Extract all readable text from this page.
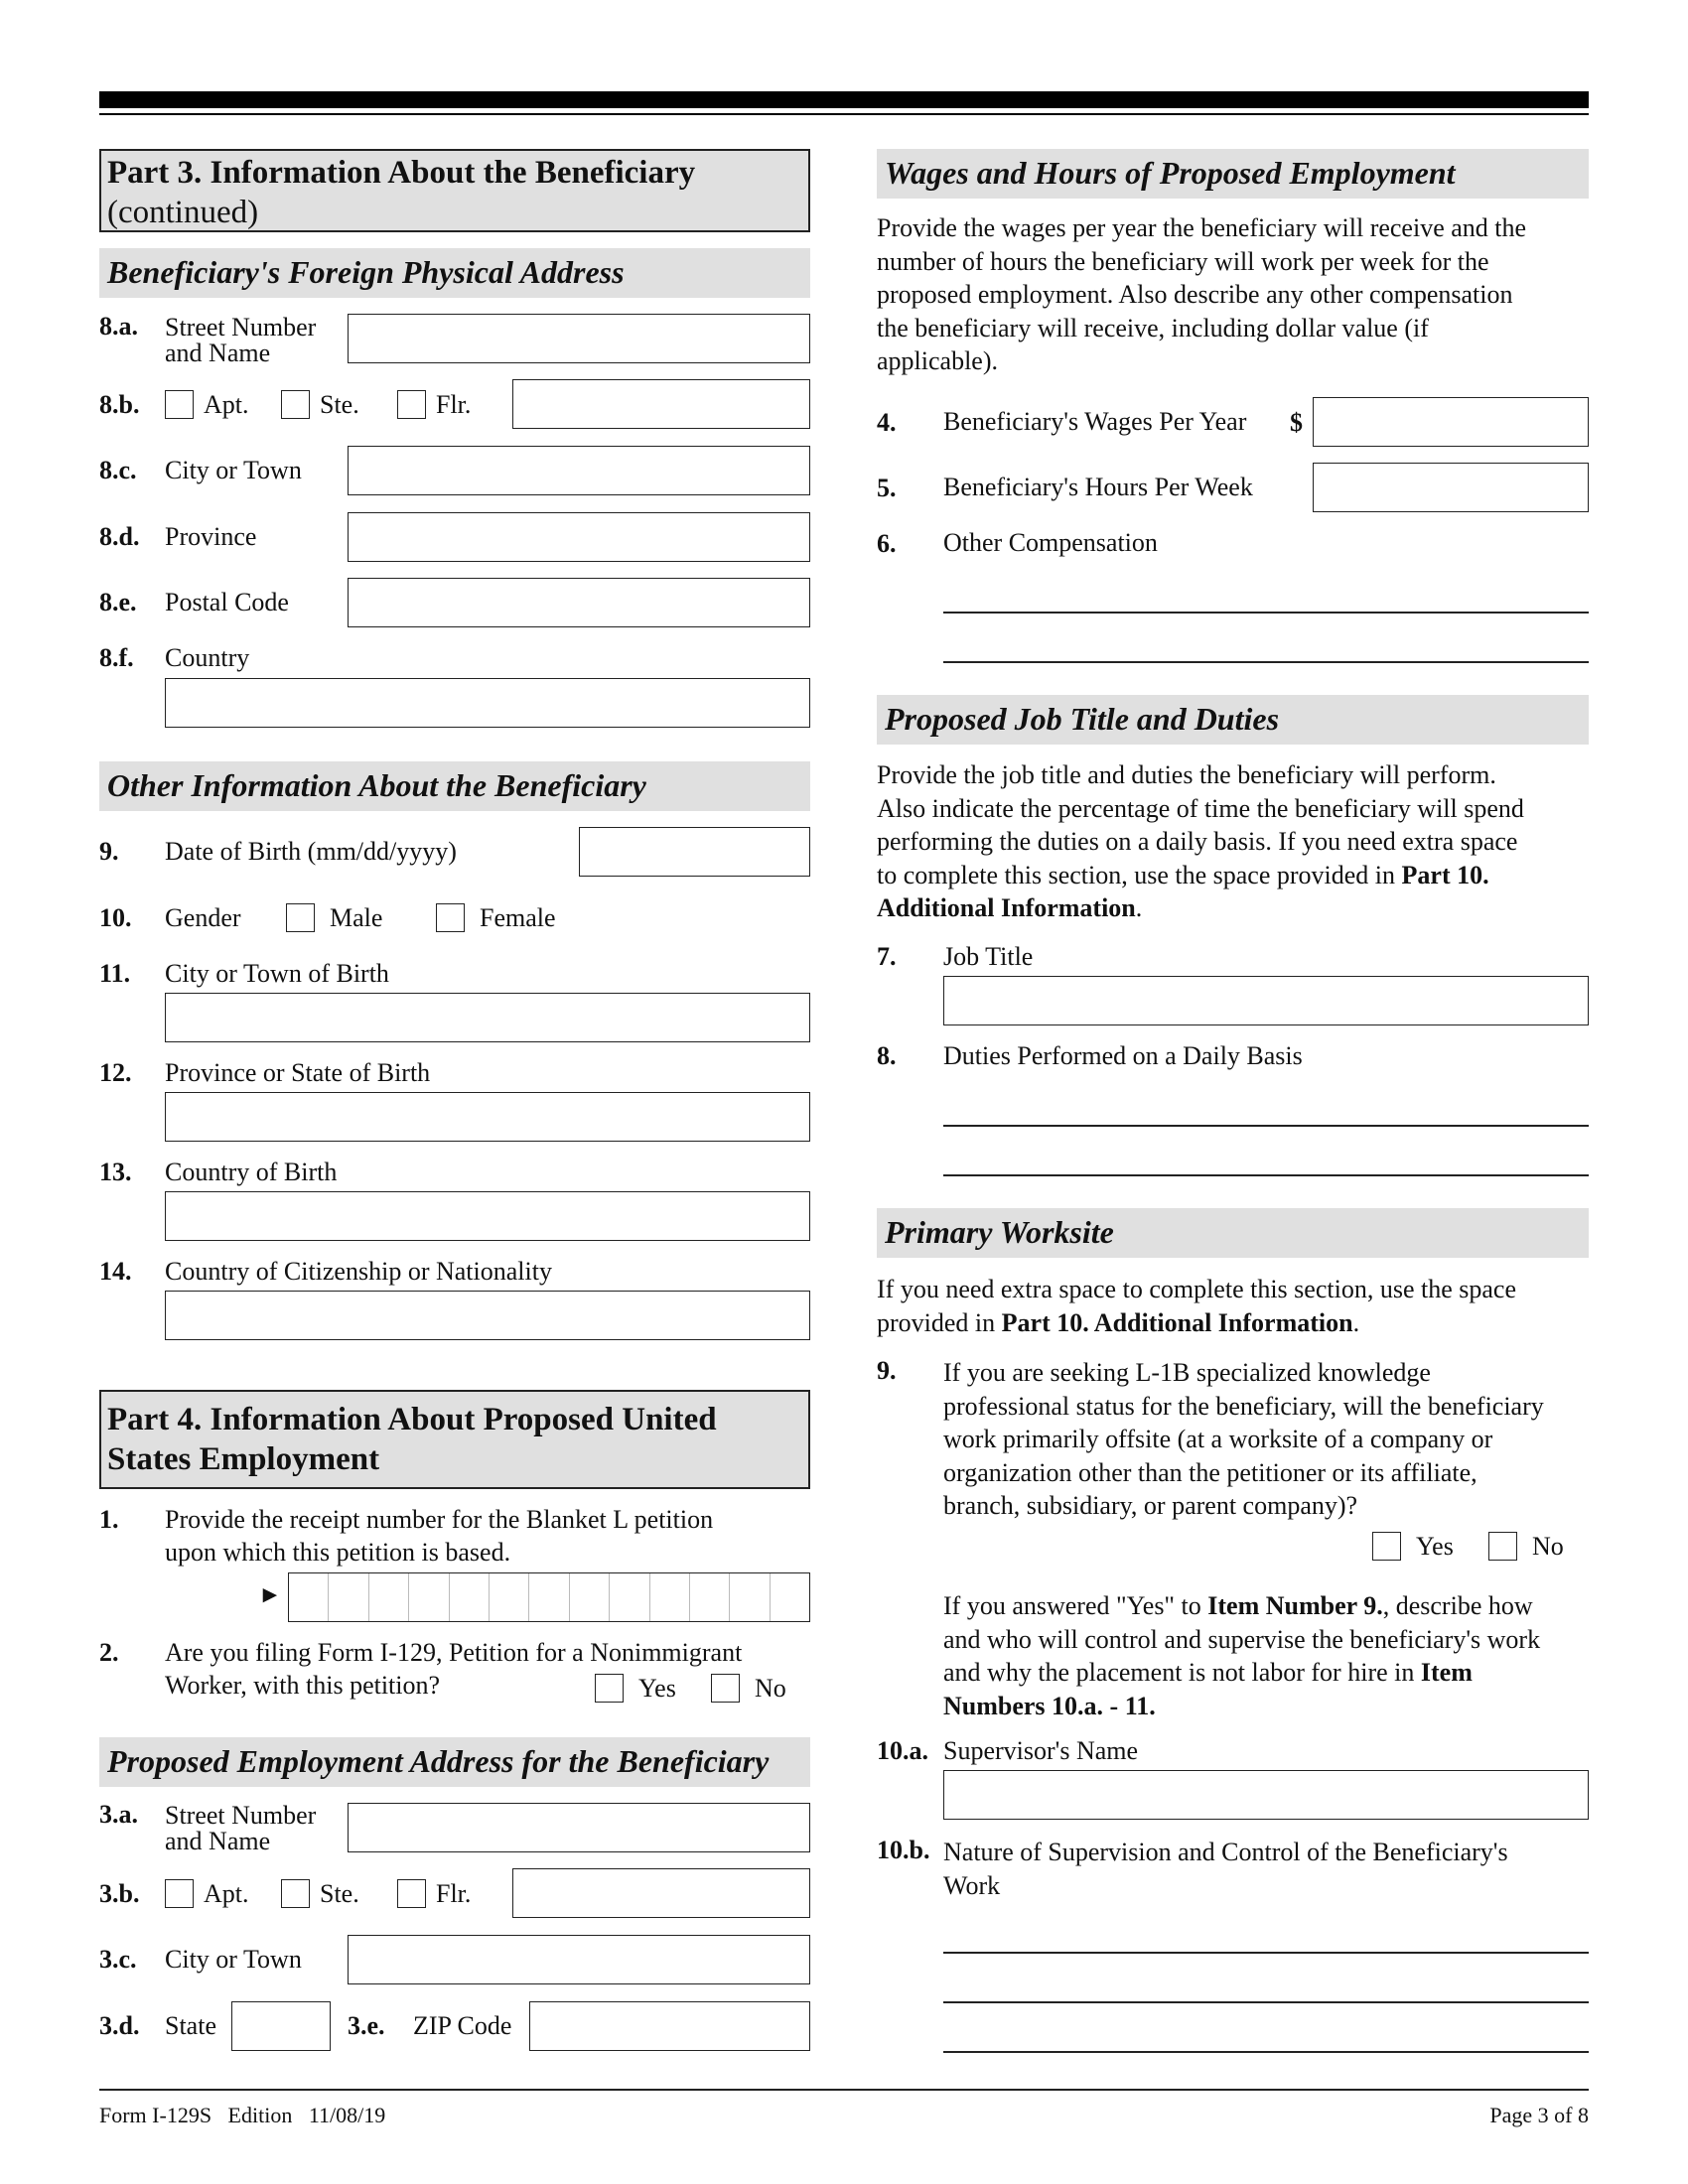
Part 3. Information About the Beneficiary
(continued)
Beneficiary's Foreign Physical Address
8.a. Street Number
and Name
8.b. Apt.	Ste.	Flr.
8.c. City or Town
8.d. Province
8.e. Postal Code
8.f. Country
Other Information About the Beneficiary
9. Date of Birth (mm/dd/yyyy)
10. Gender	Male	Female
11. City or Town of Birth
12. Province or State of Birth
13. Country of Birth
14. Country of Citizenship or Nationality
Part 4. Information About Proposed United
States Employment
1. Provide the receipt number for the Blanket L petition
upon which this petition is based.
►
2. Are you filing Form I-129, Petition for a Nonimmigrant
Worker, with this petition?	Yes	No
Proposed Employment Address for the Beneficiary
3.a. Street Number
and Name
3.b. Apt.	Ste.	Flr.
3.c. City or Town
3.d. State	3.e. ZIP Code
Wages and Hours of Proposed Employment
Provide the wages per year the beneficiary will receive and the
number of hours the beneficiary will work per week for the
proposed employment. Also describe any other compensation
the beneficiary will receive, including dollar value (if
applicable).
4. Beneficiary's Wages Per Year $
5. Beneficiary's Hours Per Week
6. Other Compensation
Proposed Job Title and Duties
Provide the job title and duties the beneficiary will perform.
Also indicate the percentage of time the beneficiary will spend
performing the duties on a daily basis. If you need extra space
to complete this section, use the space provided in Part 10.
Additional Information.
7. Job Title
8. Duties Performed on a Daily Basis
Primary Worksite
If you need extra space to complete this section, use the space
provided in Part 10. Additional Information.
9. If you are seeking L-1B specialized knowledge
professional status for the beneficiary, will the beneficiary
work primarily offsite (at a worksite of a company or
organization other than the petitioner or its affiliate,
branch, subsidiary, or parent company)?
Yes	No
If you answered "Yes" to Item Number 9., describe how
and who will control and supervise the beneficiary's work
and why the placement is not labor for hire in Item
Numbers 10.a. - 11.
10.a. Supervisor's Name
10.b. Nature of Supervision and Control of the Beneficiary's
Work
Form I-129S   Edition   11/08/19	Page 3 of 8
